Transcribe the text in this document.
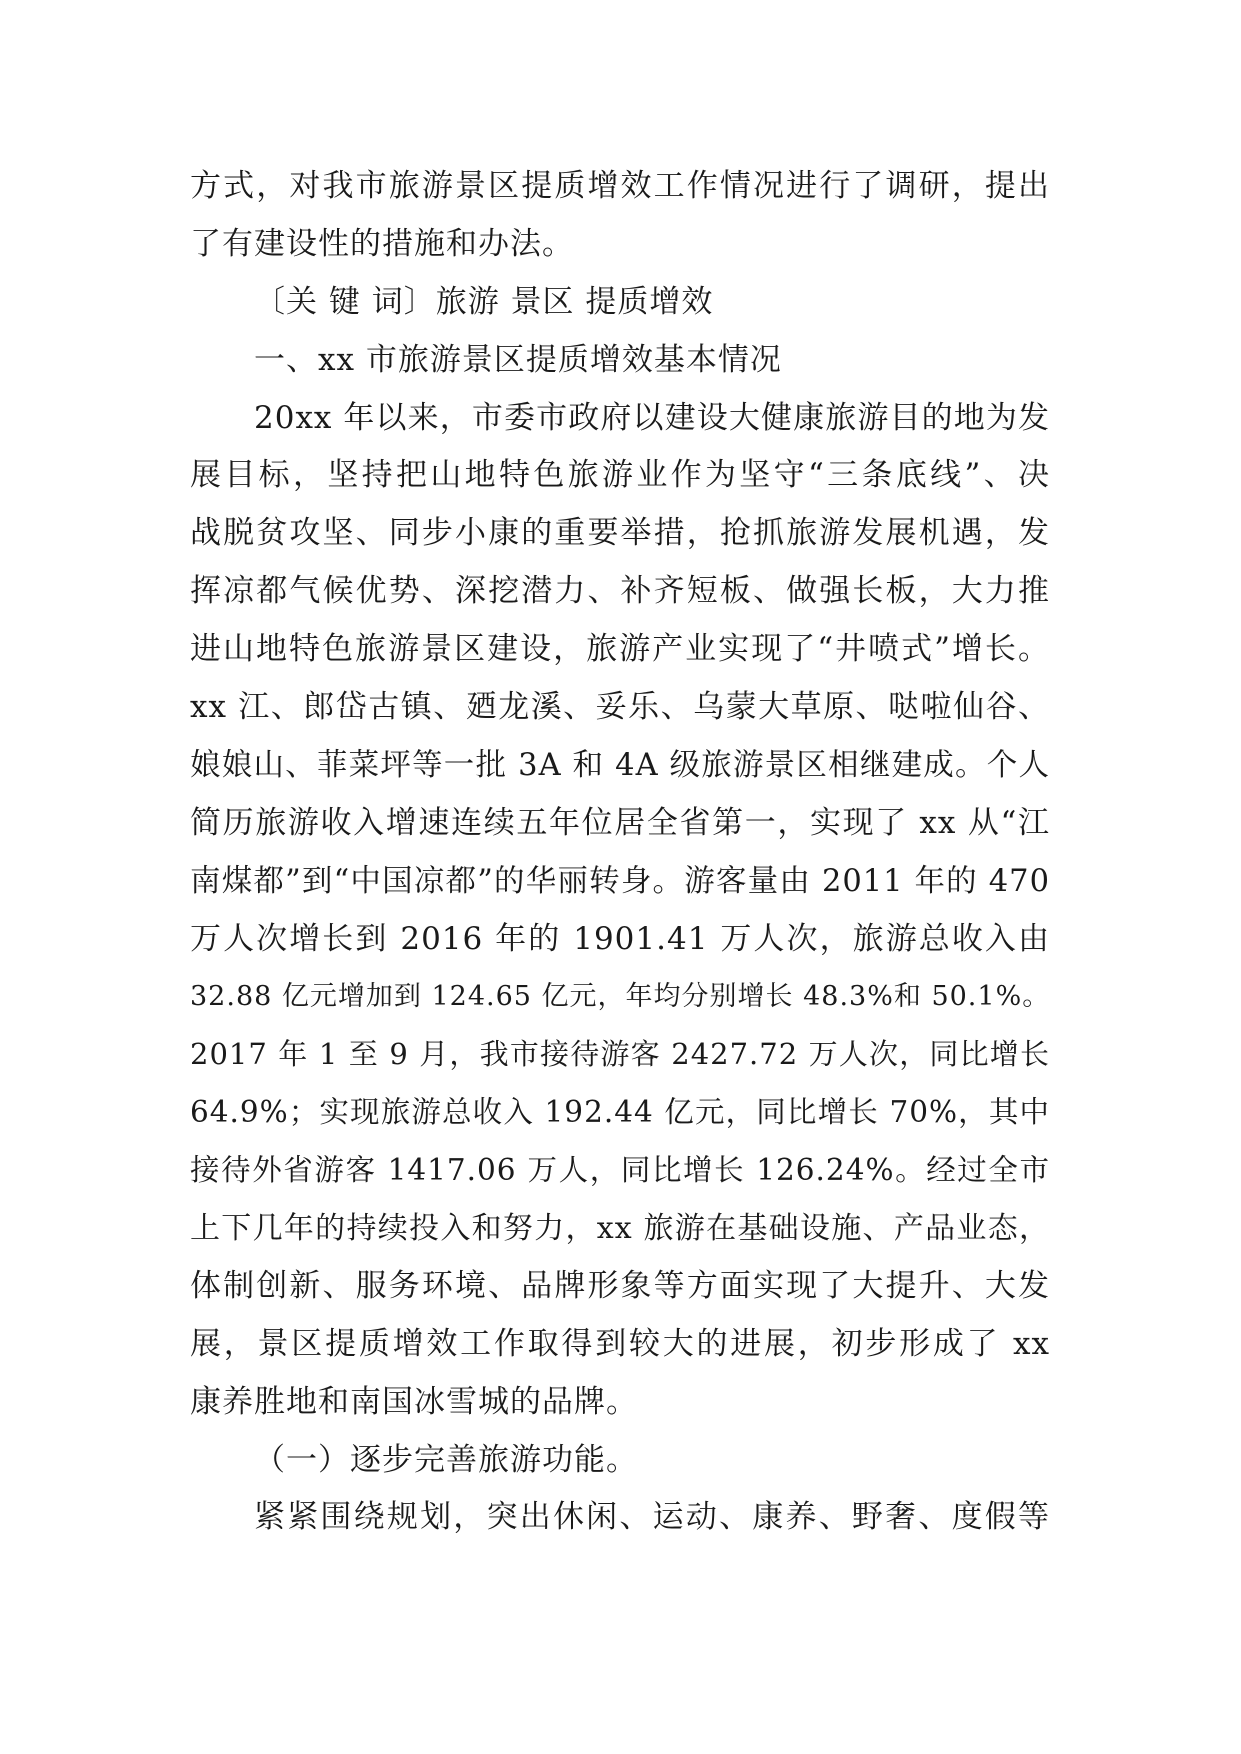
方式，对我市旅游景区提质增效工作情况进行了调研，提出
了有建设性的措施和办法。
〔关 键 词〕旅游 景区 提质增效
一、xx 市旅游景区提质增效基本情况
20xx 年以来，市委市政府以建设大健康旅游目的地为发
展目标，坚持把山地特色旅游业作为坚守“三条底线”、决
战脱贫攻坚、同步小康的重要举措，抢抓旅游发展机遇，发
挥凉都气候优势、深挖潜力、补齐短板、做强长板，大力推
进山地特色旅游景区建设，旅游产业实现了“井喷式”增长。
xx 江、郎岱古镇、廼龙溪、妥乐、乌蒙大草原、哒啦仙谷、
娘娘山、菲菜坪等一批 3A 和 4A 级旅游景区相继建成。个人
简历旅游收入增速连续五年位居全省第一，实现了 xx 从“江
南煤都”到“中国凉都”的华丽转身。游客量由 2011 年的 470
万人次增长到 2016 年的 1901.41 万人次，旅游总收入由
32.88 亿元增加到 124.65 亿元，年均分别增长 48.3%和 50.1%。
2017 年 1 至 9 月，我市接待游客 2427.72 万人次，同比增长
64.9%；实现旅游总收入 192.44 亿元，同比增长 70%，其中
接待外省游客 1417.06 万人，同比增长 126.24%。经过全市
上下几年的持续投入和努力，xx 旅游在基础设施、产品业态，
体制创新、服务环境、品牌形象等方面实现了大提升、大发
展，景区提质增效工作取得到较大的进展，初步形成了 xx
康养胜地和南国冰雪城的品牌。
（一）逐步完善旅游功能。
紧紧围绕规划，突出休闲、运动、康养、野奢、度假等
